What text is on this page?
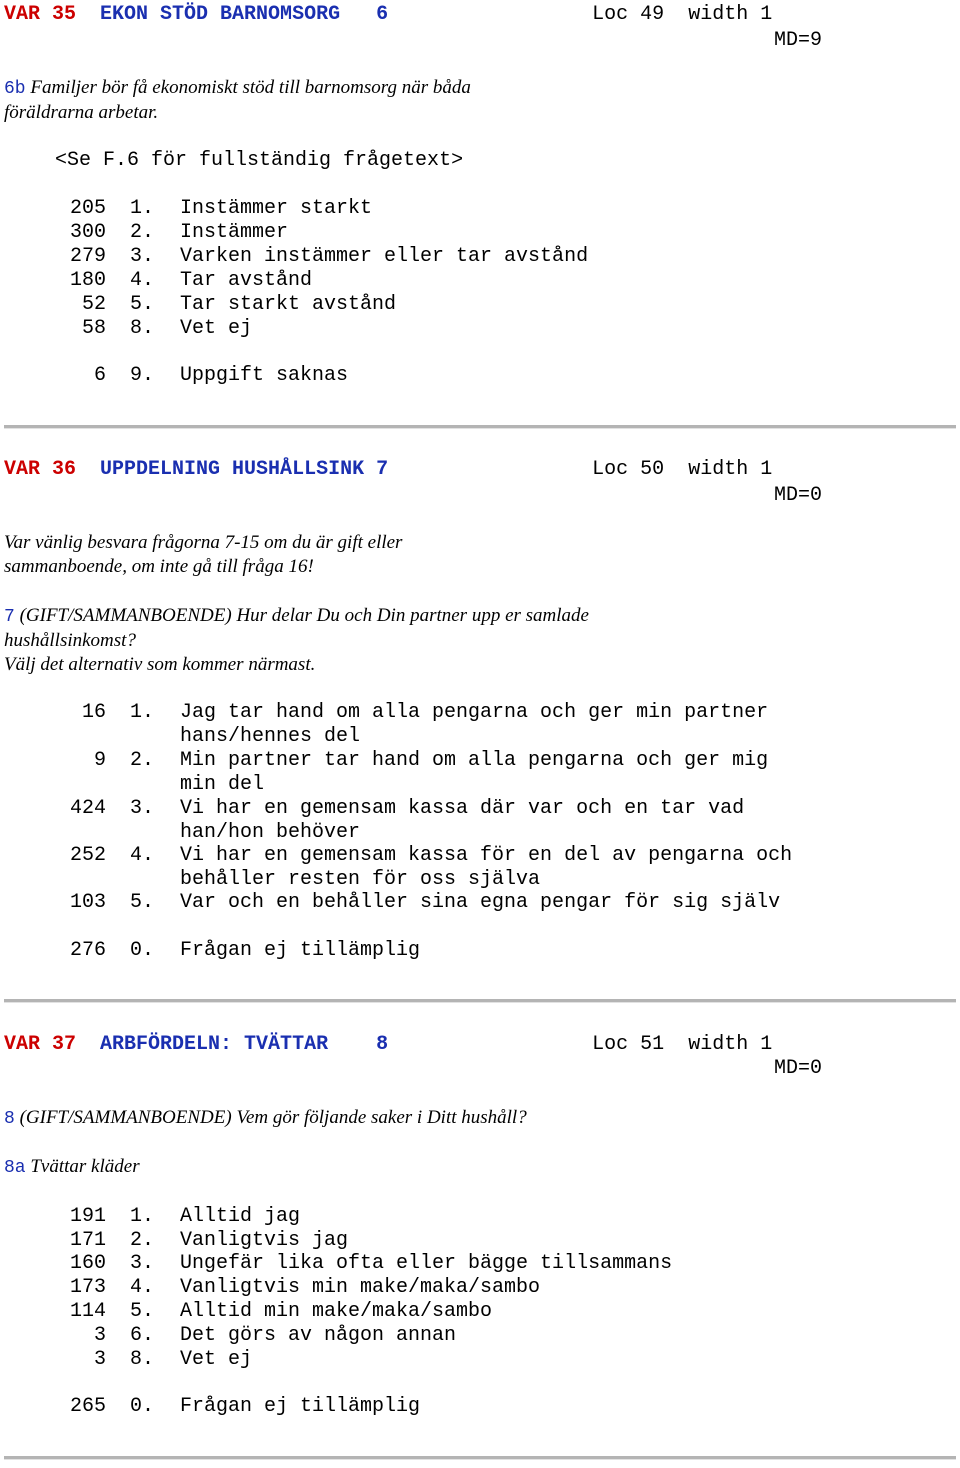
VAR 35 EKON STÖD BARNOMSORG 6	Loc 49 width 1
MD=9
6b Familjer bör få ekonomiskt stöd till barnomsorg när båda föräldrarna arbetar.
<Se F.6 för fullständig frågetext>
205 1. Instämmer starkt
300 2. Instämmer
279 3. Varken instämmer eller tar avstånd
180 4. Tar avstånd
52 5. Tar starkt avstånd
58 8. Vet ej
6 9. Uppgift saknas
VAR 36 UPPDELNING HUSHÅLLSINK 7	Loc 50 width 1
MD=0
Var vänlig besvara frågorna 7-15 om du är gift eller sammanboende, om inte gå till fråga 16!
7 (GIFT/SAMMANBOENDE) Hur delar Du och Din partner upp er samlade hushållsinkomst?
Välj det alternativ som kommer närmast.
16 1. Jag tar hand om alla pengarna och ger min partner
hans/hennes del
9 2. Min partner tar hand om alla pengarna och ger mig
min del
424 3. Vi har en gemensam kassa där var och en tar vad
han/hon behöver
252 4. Vi har en gemensam kassa för en del av pengarna och
behåller resten för oss själva
103 5. Var och en behåller sina egna pengar för sig själv
276 0. Frågan ej tillämplig
VAR 37 ARBFÖRDELN: TVÄTTAR 8	Loc 51 width 1
MD=0
8 (GIFT/SAMMANBOENDE) Vem gör följande saker i Ditt hushåll?
8a Tvättar kläder
191 1. Alltid jag
171 2. Vanligtvis jag
160 3. Ungefär lika ofta eller bägge tillsammans
173 4. Vanligtvis min make/maka/sambo
114 5. Alltid min make/maka/sambo
3 6. Det görs av någon annan
3 8. Vet ej
265 0. Frågan ej tillämplig
